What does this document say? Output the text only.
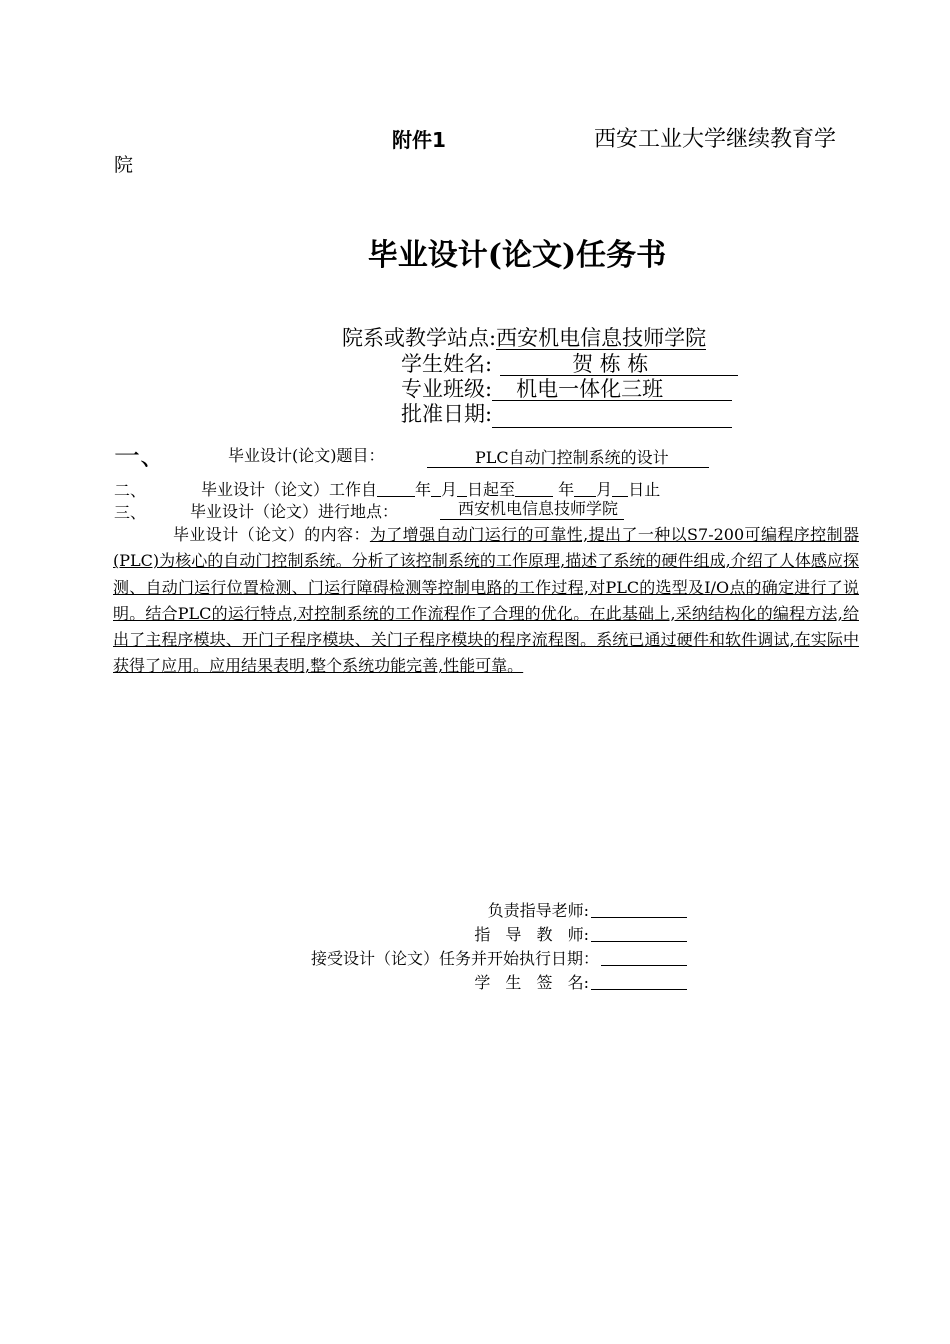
附件1	西安工业大学继续教育学
院
毕业设计(论文)任务书
院系或教学站点:西安机电信息技师学院
学生姓名:	贺 栋 栋
专业班级: 机电一体化三班
批准日期:
一、	毕业设计(论文)题目：	PLC自动门控制系统的设计
二、	毕业设计（论文）工作自 年 月 日起至	年 月 日止
三、	毕业设计（论文）进行地点：	西安机电信息技师学院
毕业设计（论文）的内容：为了增强自动门运行的可靠性,提出了一种以S7-200可编程序控制器(PLC)为核心的自动门控制系统。分析了该控制系统的工作原理,描述了系统的硬件组成,介绍了人体感应探测、自动门运行位置检测、门运行障碍检测等控制电路的工作过程,对PLC的选型及I/O点的确定进行了说明。结合PLC的运行特点,对控制系统的工作流程作了合理的优化。在此基础上,采纳结构化的编程方法,给出了主程序模块、开门子程序模块、关门子程序模块的程序流程图。系统已通过硬件和软件调试,在实际中获得了应用。应用结果表明,整个系统功能完善,性能可靠。
负责指导老师:
指 导 教 师:
接受设计（论文）任务并开始执行日期：
学 生 签 名:
